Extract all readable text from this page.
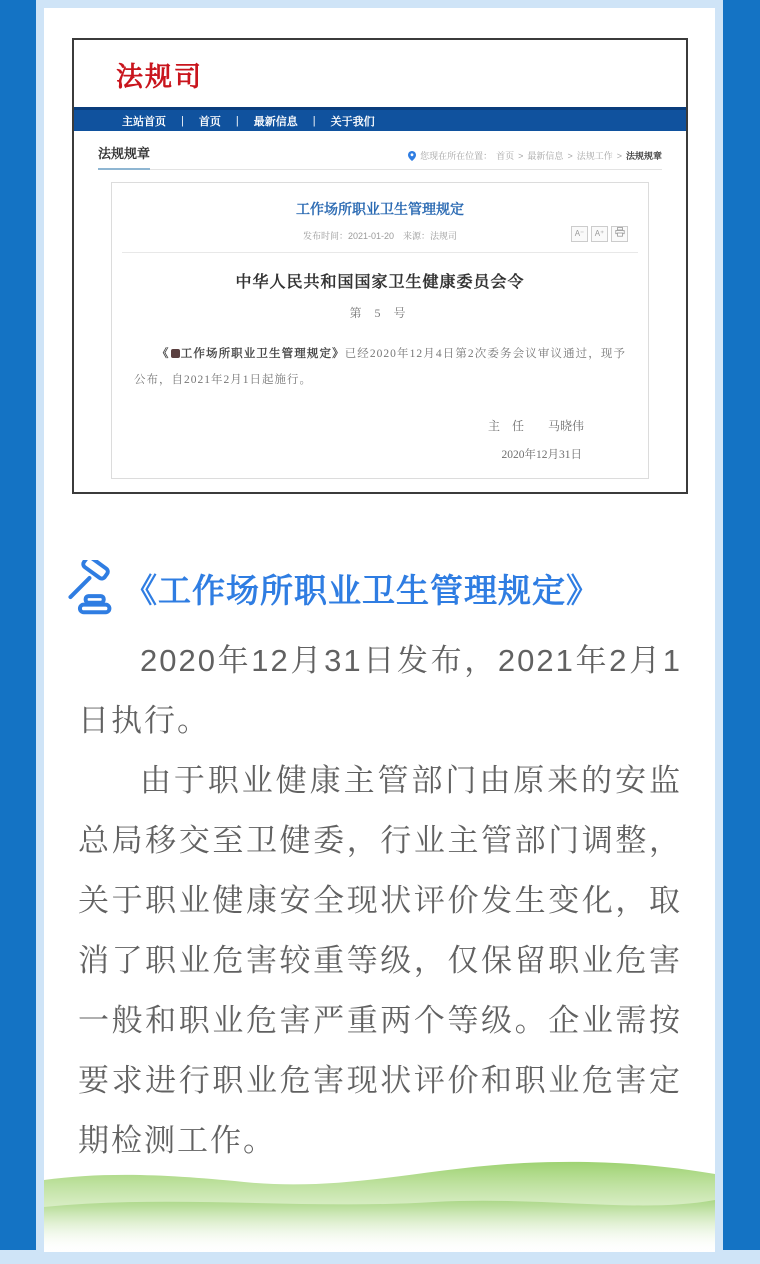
法规司
主站首页 | 首页 | 最新信息 | 关于我们
法规规章	您现在所在位置： 首页 > 最新信息 > 法规工作 > 法规规章
工作场所职业卫生管理规定
发布时间：2021-01-20　来源：法规司	A⁻	A⁺
中华人民共和国国家卫生健康委员会令
第 5 号

《 工作场所职业卫生管理规定》已经2020年12月4日第2次委务会议审议通过，现予公布，自2021年2月1日起施行。

主　任　　马晓伟
2020年12月31日
《工作场所职业卫生管理规定》

2020年12月31日发布，2021年2月1日执行。

由于职业健康主管部门由原来的安监总局移交至卫健委，行业主管部门调整，关于职业健康安全现状评价发生变化，取消了职业危害较重等级，仅保留职业危害一般和职业危害严重两个等级。企业需按要求进行职业危害现状评价和职业危害定期检测工作。
